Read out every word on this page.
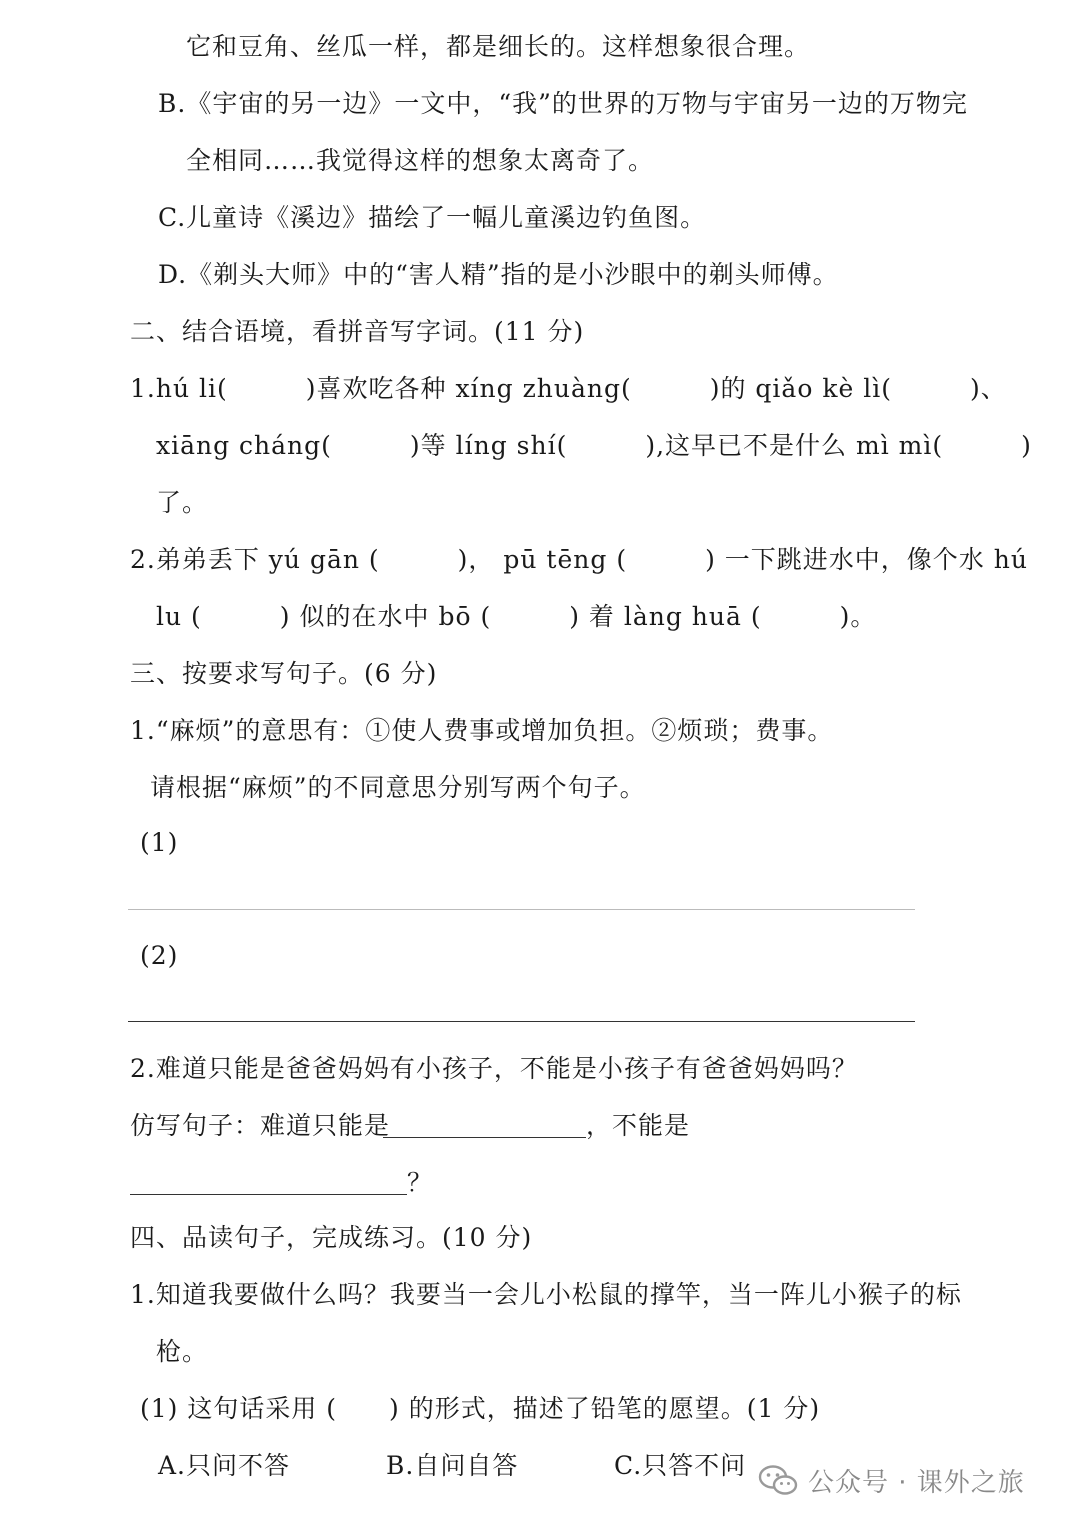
它和豆角、丝瓜一样，都是细长的。这样想象很合理。
B.《宇宙的另一边》一文中，“我”的世界的万物与宇宙另一边的万物完
全相同……我觉得这样的想象太离奇了。
C.儿童诗《溪边》描绘了一幅儿童溪边钓鱼图。
D.《剃头大师》中的“害人精”指的是小沙眼中的剃头师傅。
二、结合语境，看拼音写字词。(11 分)
1.hú li(　　　)喜欢吃各种 xíng zhuàng(　　　)的 qiǎo kè lì(　　　)、
xiāng cháng(　　　)等 líng shí(　　　),这早已不是什么 mì mì(　　　)
了。
2.弟弟丢下 yú gān (　　　)， pū tēng (　　　) 一下跳进水中，像个水 hú
lu (　　　) 似的在水中 bō (　　　) 着 làng huā (　　　)。
三、按要求写句子。(6 分)
1.“麻烦”的意思有：①使人费事或增加负担。②烦琐；费事。
请根据“麻烦”的不同意思分别写两个句子。
(1)
(2)
2.难道只能是爸爸妈妈有小孩子，不能是小孩子有爸爸妈妈吗？
仿写句子：难道只能是	，不能是
？
四、品读句子，完成练习。(10 分)
1.知道我要做什么吗？我要当一会儿小松鼠的撑竿，当一阵儿小猴子的标
枪。
(1) 这句话采用 (　　) 的形式，描述了铅笔的愿望。(1 分)
A.只问不答	B.自问自答	C.只答不问
公众号 · 课外之旅
